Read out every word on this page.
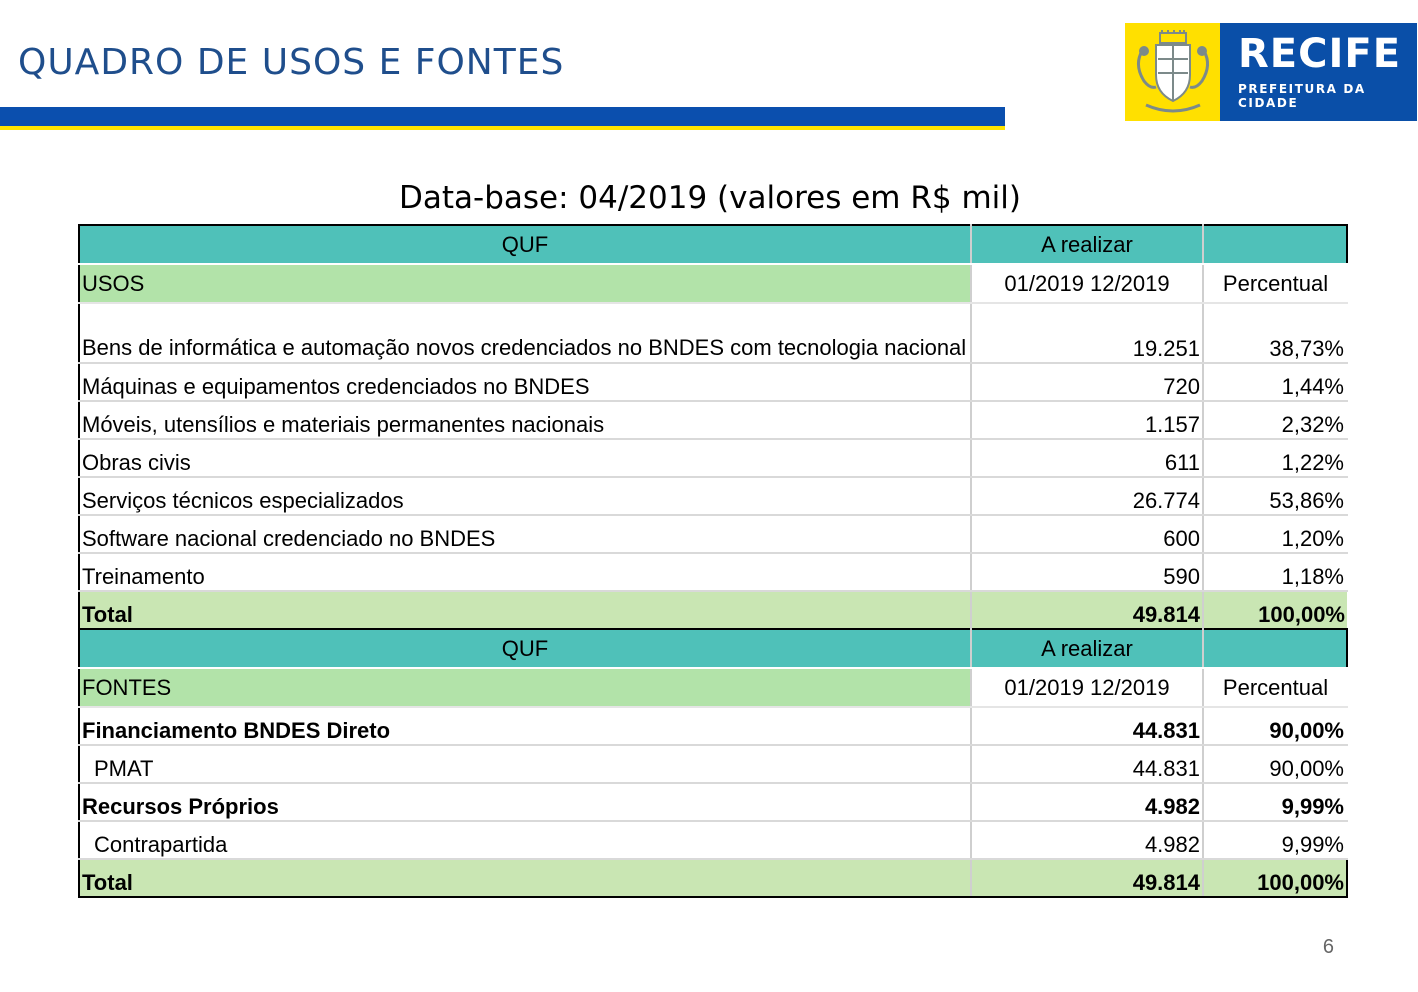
QUADRO DE USOS E FONTES	RECIFE
PREFEITURA DA CIDADE

Data-base: 04/2019 (valores em R$ mil)

QUF	A realizar	
USOS	01/2019 12/2019	Percentual
Bens de informática e automação novos credenciados no BNDES com tecnologia nacional	19.251	38,73%
Máquinas e equipamentos credenciados no BNDES	720	1,44%
Móveis, utensílios e materiais permanentes nacionais	1.157	2,32%
Obras civis	611	1,22%
Serviços técnicos especializados	26.774	53,86%
Software nacional credenciado no BNDES	600	1,20%
Treinamento	590	1,18%
Total	49.814	100,00%
QUF	A realizar	
FONTES	01/2019 12/2019	Percentual
Financiamento BNDES Direto	44.831	90,00%
PMAT	44.831	90,00%
Recursos Próprios	4.982	9,99%
Contrapartida	4.982	9,99%
Total	49.814	100,00%
6
